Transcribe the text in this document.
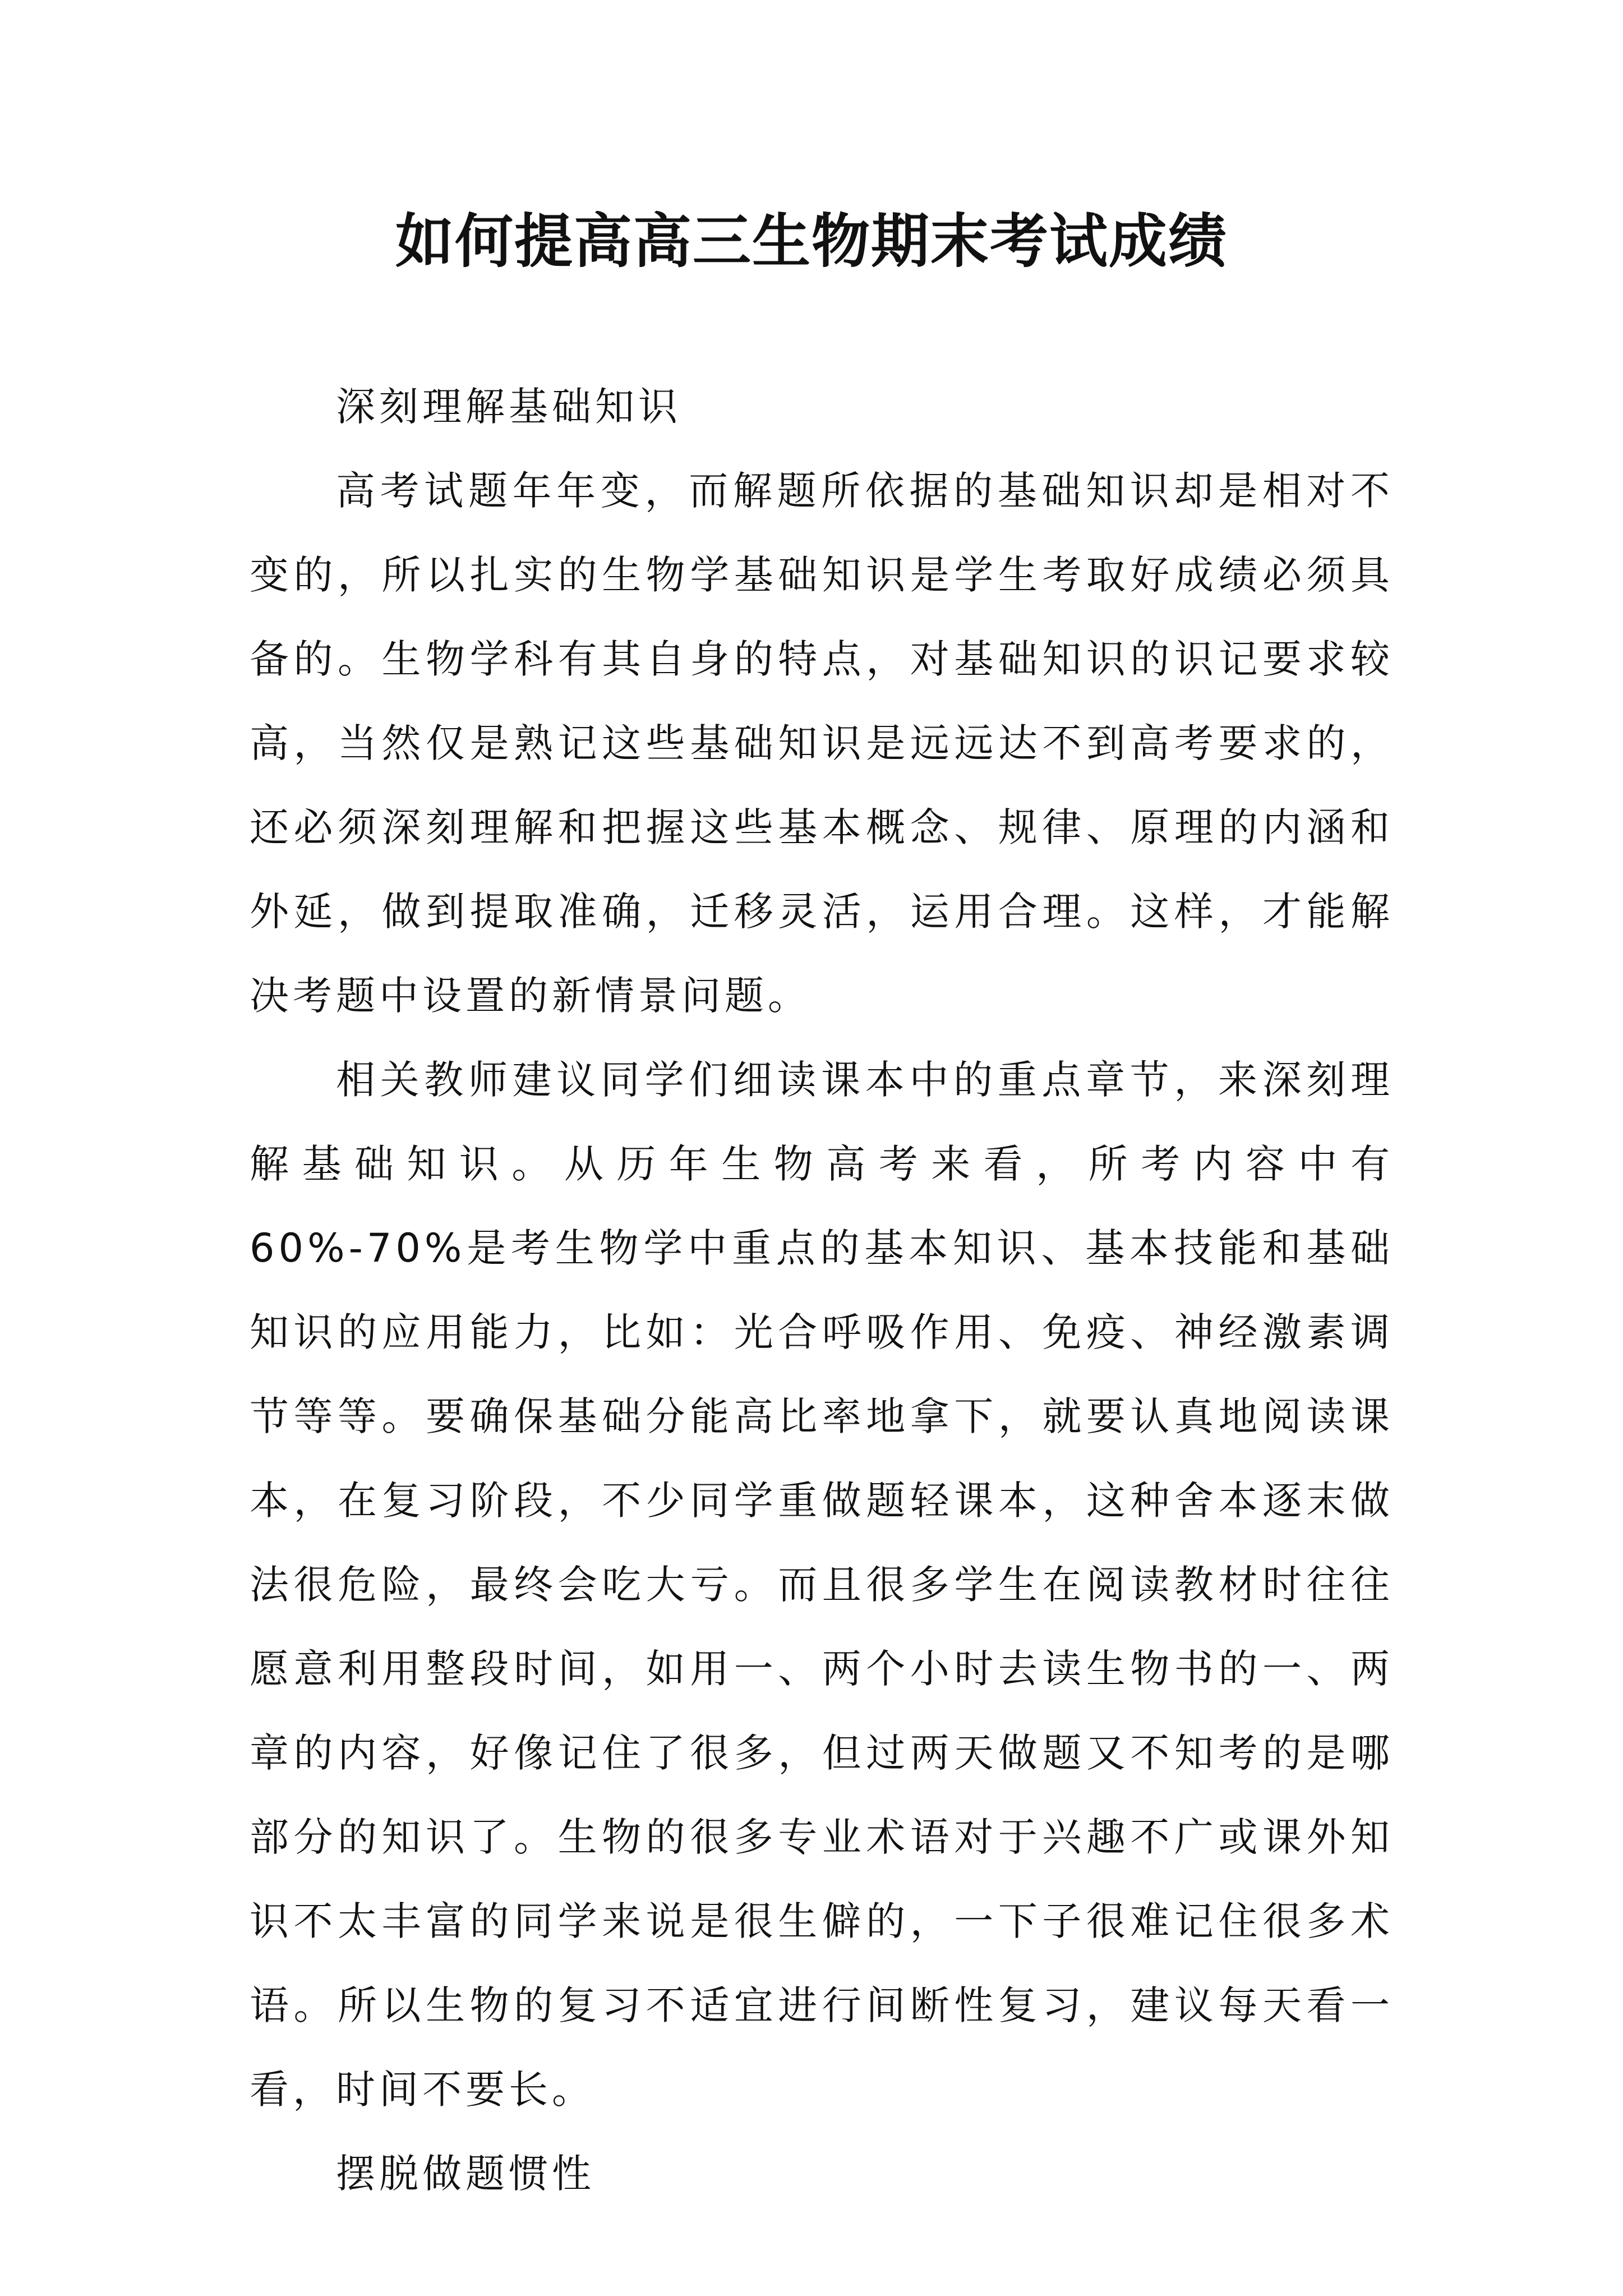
如何提高高三生物期末考试成绩

深刻理解基础知识

高考试题年年变，而解题所依据的基础知识却是相对不变的，所以扎实的生物学基础知识是学生考取好成绩必须具备的。生物学科有其自身的特点，对基础知识的识记要求较高，当然仅是熟记这些基础知识是远远达不到高考要求的，还必须深刻理解和把握这些基本概念、规律、原理的内涵和外延，做到提取准确，迁移灵活，运用合理。这样，才能解决考题中设置的新情景问题。

相关教师建议同学们细读课本中的重点章节，来深刻理解基础知识。从历年生物高考来看，所考内容中有60%-70%是考生物学中重点的基本知识、基本技能和基础知识的应用能力，比如：光合呼吸作用、免疫、神经激素调节等等。要确保基础分能高比率地拿下，就要认真地阅读课本，在复习阶段，不少同学重做题轻课本，这种舍本逐末做法很危险，最终会吃大亏。而且很多学生在阅读教材时往往愿意利用整段时间，如用一、两个小时去读生物书的一、两章的内容，好像记住了很多，但过两天做题又不知考的是哪部分的知识了。生物的很多专业术语对于兴趣不广或课外知识不太丰富的同学来说是很生僻的，一下子很难记住很多术语。所以生物的复习不适宜进行间断性复习，建议每天看一看，时间不要长。

摆脱做题惯性
